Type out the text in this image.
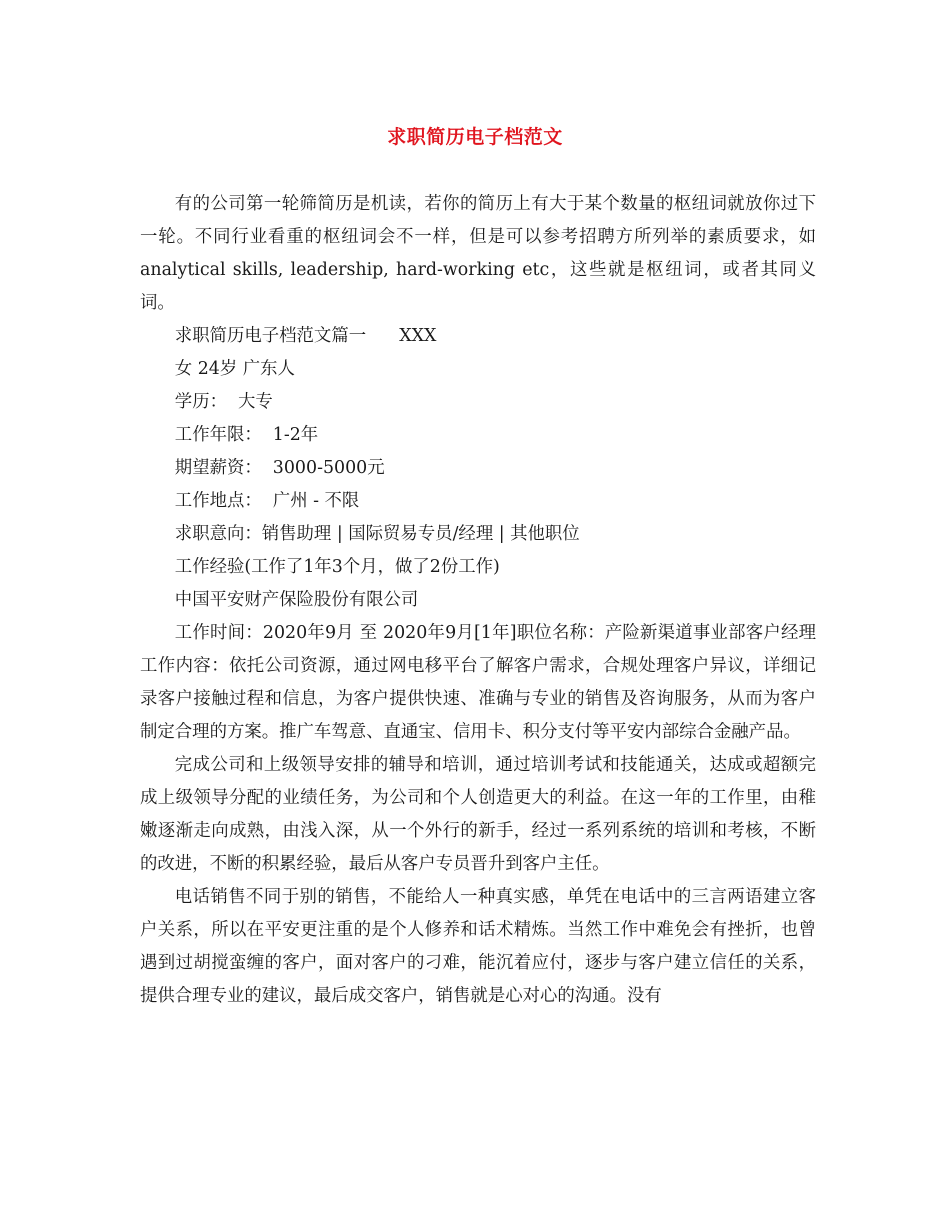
求职简历电子档范文

有的公司第一轮筛简历是机读，若你的简历上有大于某个数量的枢纽词就放你过下一轮。不同行业看重的枢纽词会不一样，但是可以参考招聘方所列举的素质要求，如analytical skills, leadership, hard-working etc，这些就是枢纽词，或者其同义词。

求职简历电子档范文篇一      XXX

女 24岁 广东人

学历：  大专

工作年限：  1-2年

期望薪资：  3000-5000元

工作地点：  广州 - 不限

求职意向：销售助理 | 国际贸易专员/经理 | 其他职位

工作经验(工作了1年3个月，做了2份工作)

中国平安财产保险股份有限公司

工作时间：2020年9月 至 2020年9月[1年]职位名称：产险新渠道事业部客户经理工作内容：依托公司资源，通过网电移平台了解客户需求，合规处理客户异议，详细记录客户接触过程和信息，为客户提供快速、准确与专业的销售及咨询服务，从而为客户制定合理的方案。推广车驾意、直通宝、信用卡、积分支付等平安内部综合金融产品。

完成公司和上级领导安排的辅导和培训，通过培训考试和技能通关，达成或超额完成上级领导分配的业绩任务，为公司和个人创造更大的利益。在这一年的工作里，由稚嫩逐渐走向成熟，由浅入深，从一个外行的新手，经过一系列系统的培训和考核，不断的改进，不断的积累经验，最后从客户专员晋升到客户主任。

电话销售不同于别的销售，不能给人一种真实感，单凭在电话中的三言两语建立客户关系，所以在平安更注重的是个人修养和话术精炼。当然工作中难免会有挫折，也曾遇到过胡搅蛮缠的客户，面对客户的刁难，能沉着应付，逐步与客户建立信任的关系，提供合理专业的建议，最后成交客户，销售就是心对心的沟通。没有
